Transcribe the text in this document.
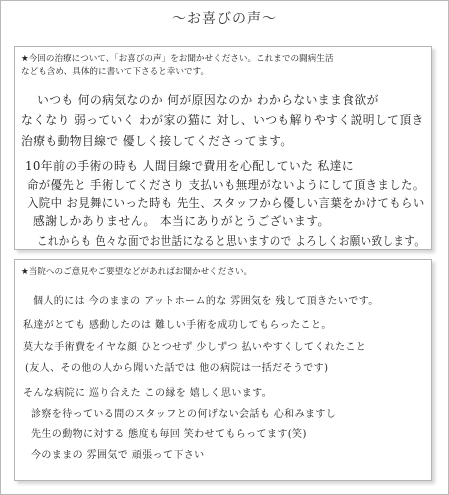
〜お喜びの声〜
★今回の治療について、「お喜びの声」をお聞かせください。これまでの闘病生活
なども含め、具体的に書いて下さると幸いです。
いつも 何の病気なのか 何が原因なのか わからないまま食欲が
なくなり 弱っていく わが家の猫に 対し、いつも解りやすく説明して頂き
治療も動物目線で 優しく接してくださってます。
10年前の手術の時も 人間目線で費用を心配していた 私達に
命が優先と 手術してくださり 支払いも無理がないようにして頂きました。
入院中 お見舞にいった時も 先生、スタッフから優しい言葉をかけてもらい
感謝しかありません。 本当にありがとうございます。
これからも 色々な面でお世話になると思いますので よろしくお願い致します。
★当院へのご意見やご要望などがあればお聞かせください。
個人的には 今のままの アットホーム的な 雰囲気を 残して頂きたいです。
私達がとても 感動したのは 難しい手術を成功してもらったこと。
莫大な手術費をイヤな顔 ひとつせず 少しずつ 払いやすくしてくれたこと
(友人、その他の人から聞いた話では 他の病院は一括だそうです)
そんな病院に 巡り合えた この縁を 嬉しく思います。
診察を待っている間のスタッフとの何げない会話も 心和みますし
先生の動物に対する 態度も毎回 笑わせてもらってます(笑)
今のままの 雰囲気で 頑張って下さい
